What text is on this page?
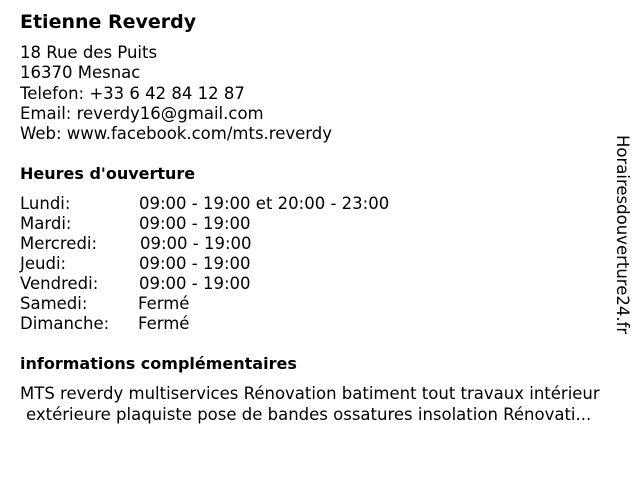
Etienne Reverdy
18 Rue des Puits
16370 Mesnac
Telefon: +33 6 42 84 12 87
Email: reverdy16@gmail.com
Web: www.facebook.com/mts.reverdy
Heures d'ouverture
Lundi:	09:00 - 19:00 et 20:00 - 23:00
Mardi:	09:00 - 19:00
Mercredi:	09:00 - 19:00
Jeudi:	09:00 - 19:00
Vendredi: 09:00 - 19:00
Samedi:	Fermé
Dimanche: Fermé
informations complémentaires
MTS reverdy multiservices Rénovation batiment tout travaux intérieur
extérieure plaquiste pose de bandes ossatures insolation Rénovati...
Horairesdouverture24.fr
